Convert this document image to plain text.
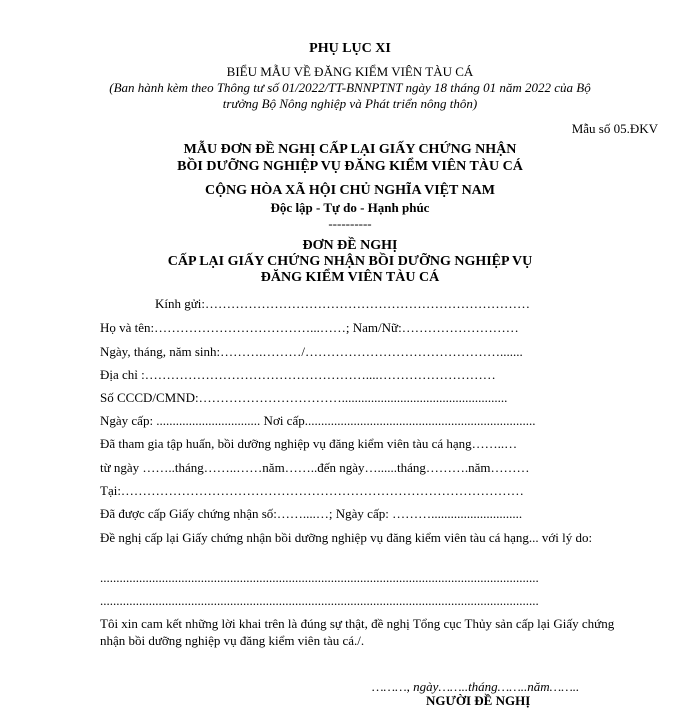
PHỤ LỤC XI
BIỂU MẪU VỀ ĐĂNG KIỂM VIÊN TÀU CÁ
(Ban hành kèm theo Thông tư số 01/2022/TT-BNNPTNT ngày 18 tháng 01 năm 2022 của Bộ
trưởng Bộ Nông nghiệp và Phát triển nông thôn)
Mẫu số 05.ĐKV
MẪU ĐƠN ĐỀ NGHỊ CẤP LẠI GIẤY CHỨNG NHẬN
BỒI DƯỠNG NGHIỆP VỤ ĐĂNG KIỂM VIÊN TÀU CÁ
CỘNG HÒA XÃ HỘI CHỦ NGHĨA VIỆT NAM
Độc lập - Tự do - Hạnh phúc
----------
ĐƠN ĐỀ NGHỊ
CẤP LẠI GIẤY CHỨNG NHẬN BỒI DƯỠNG NGHIỆP VỤ
ĐĂNG KIỂM VIÊN TÀU CÁ
Kính gửi:…………………………………………………………………
Họ và tên:………………………………...……; Nam/Nữ:………………………
Ngày, tháng, năm sinh:……….………/……………………………………….......
Địa chỉ :……………………………………………....………………………
Số CCCD/CMND:……………………………...................................................
Ngày cấp: ................................ Nơi cấp.......................................................................
Đã tham gia tập huấn, bồi dưỡng nghiệp vụ đăng kiểm viên tàu cá hạng……..…
từ ngày ……..tháng……..……năm……..đến ngày…......tháng……….năm………
Tại:…………………………………………………………………………………
Đã được cấp Giấy chứng nhận số:……....…; Ngày cấp: ………............................
Đề nghị cấp lại Giấy chứng nhận bồi dưỡng nghiệp vụ đăng kiểm viên tàu cá hạng... với lý do:
.......................................................................................................................................
.......................................................................................................................................
Tôi xin cam kết những lời khai trên là đúng sự thật, đề nghị Tổng cục Thủy sản cấp lại Giấy chứng nhận bồi dưỡng nghiệp vụ đăng kiểm viên tàu cá./.
………, ngày……..tháng……..năm……..
NGƯỜI ĐỀ NGHỊ
